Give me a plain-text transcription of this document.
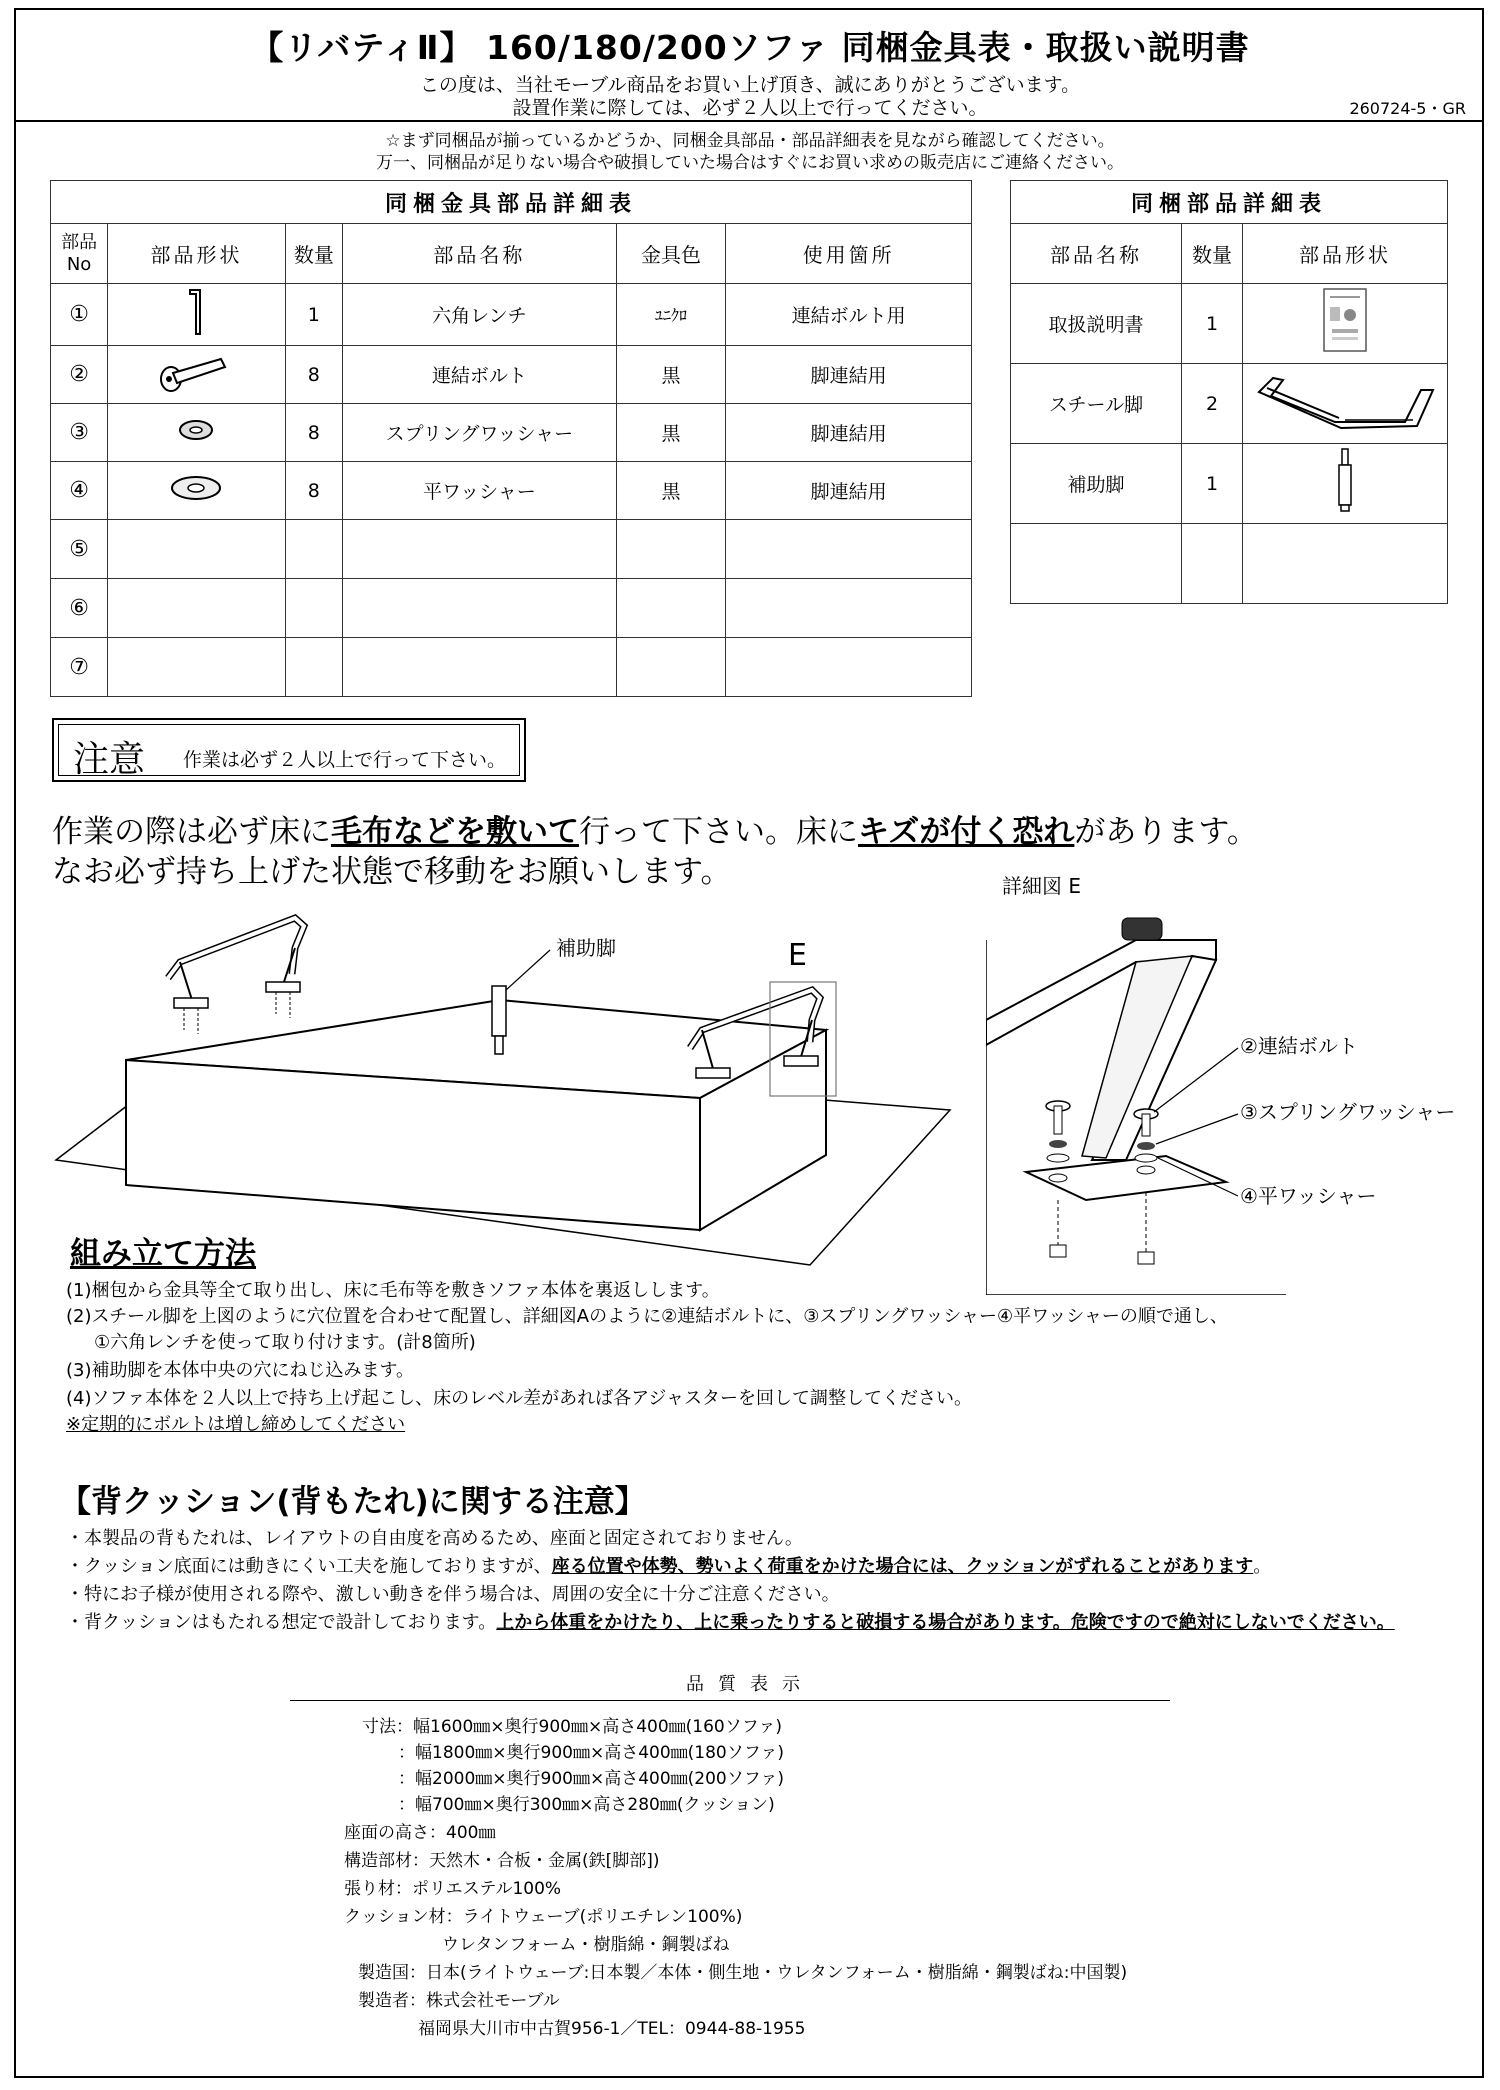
【リバティⅡ】 160/180/200ソファ 同梱金具表・取扱い説明書
この度は、当社モーブル商品をお買い上げ頂き、誠にありがとうございます。
設置作業に際しては、必ず２人以上で行ってください。	260724-5・GR
☆まず同梱品が揃っているかどうか、同梱金具部品・部品詳細表を見ながら確認してください。
万一、同梱品が足りない場合や破損していた場合はすぐにお買い求めの販売店にご連絡ください。
同梱金具部品詳細表					
部品
No	部品形状	数量	部品名称	金具色	使用箇所
①		1	六角レンチ	ﾕﾆｸﾛ	連結ボルト用
②		8	連結ボルト	黒	脚連結用
③		8	スプリングワッシャー	黒	脚連結用
④		8	平ワッシャー	黒	脚連結用
⑤					
⑥					
⑦					
同梱部品詳細表		
部品名称	数量	部品形状
取扱説明書	1	
スチール脚	2	
補助脚	1	

注意 作業は必ず２人以上で行って下さい。
作業の際は必ず床に毛布などを敷いて行って下さい。床にキズが付く恐れがあります。
なお必ず持ち上げた状態で移動をお願いします。
補助脚	E
詳細図 E
②連結ボルト
③スプリングワッシャー
④平ワッシャー
組み立て方法
(1)梱包から金具等全て取り出し、床に毛布等を敷きソファ本体を裏返しします。
(2)スチール脚を上図のように穴位置を合わせて配置し、詳細図Aのように②連結ボルトに、③スプリングワッシャー④平ワッシャーの順で通し、
①六角レンチを使って取り付けます。(計8箇所)
(3)補助脚を本体中央の穴にねじ込みます。
(4)ソファ本体を２人以上で持ち上げ起こし、床のレベル差があれば各アジャスターを回して調整してください。
※定期的にボルトは増し締めしてください
【背クッション(背もたれ)に関する注意】
・本製品の背もたれは、レイアウトの自由度を高めるため、座面と固定されておりません。
・クッション底面には動きにくい工夫を施しておりますが、座る位置や体勢、勢いよく荷重をかけた場合には、クッションがずれることがあります。
・特にお子様が使用される際や、激しい動きを伴う場合は、周囲の安全に十分ご注意ください。
・背クッションはもたれる想定で設計しております。上から体重をかけたり、上に乗ったりすると破損する場合があります。危険ですので絶対にしないでください。
品質表示
寸法：幅1600㎜×奥行900㎜×高さ400㎜(160ソファ)
：幅1800㎜×奥行900㎜×高さ400㎜(180ソファ)
：幅2000㎜×奥行900㎜×高さ400㎜(200ソファ)
：幅700㎜×奥行300㎜×高さ280㎜(クッション)
座面の高さ：400㎜
構造部材：天然木・合板・金属(鉄[脚部])
張り材：ポリエステル100%
クッション材：ライトウェーブ(ポリエチレン100%)
ウレタンフォーム・樹脂綿・鋼製ばね
製造国：日本(ライトウェーブ:日本製／本体・側生地・ウレタンフォーム・樹脂綿・鋼製ばね:中国製)
製造者：株式会社モーブル
福岡県大川市中古賀956-1／TEL：0944-88-1955
